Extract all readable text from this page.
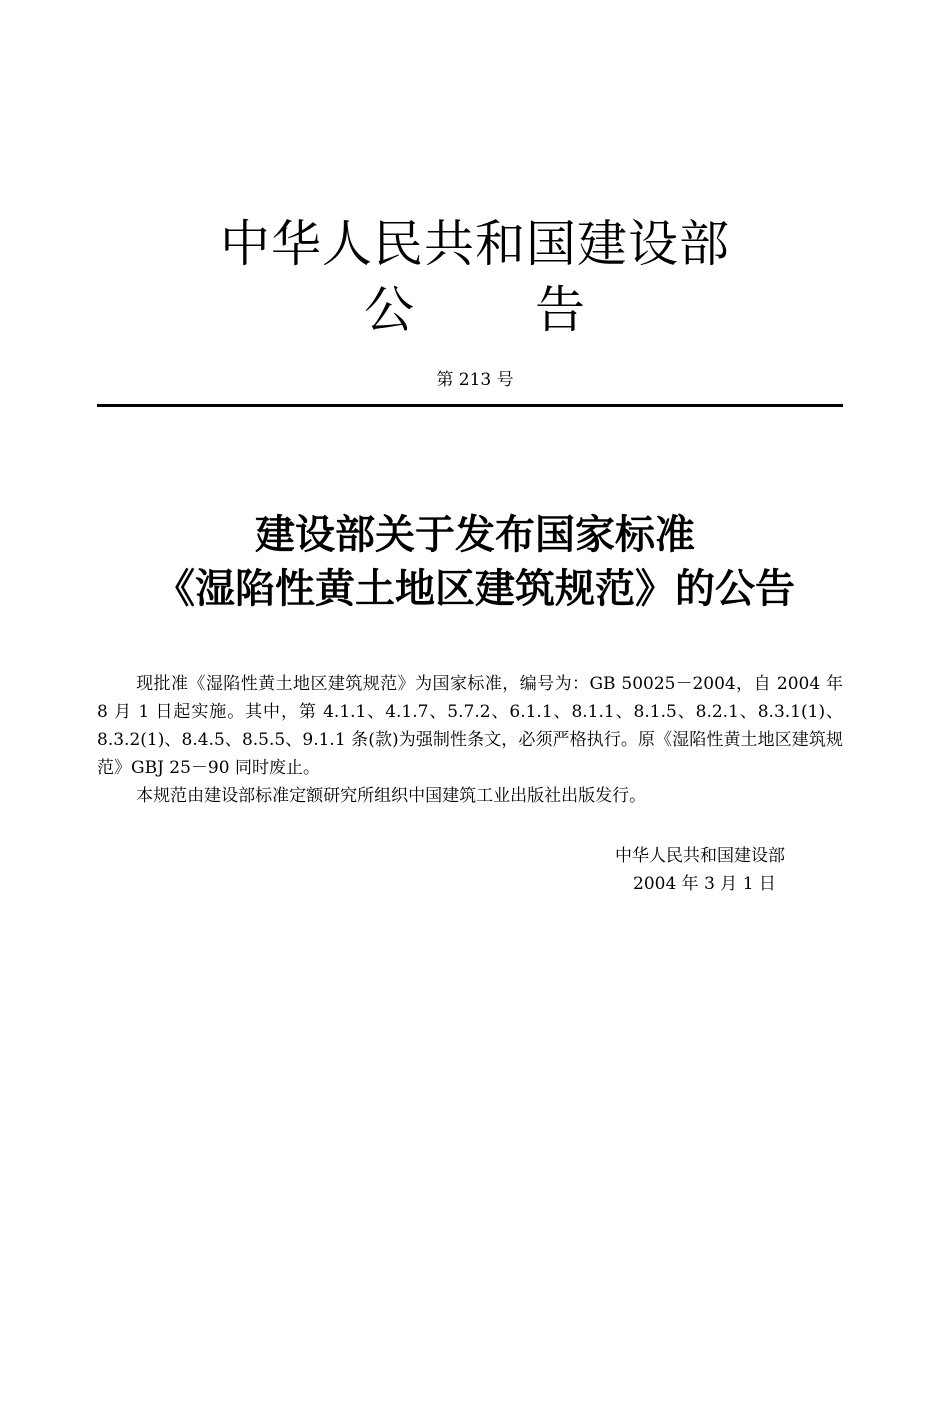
中华人民共和国建设部
公 告
第 213 号
建设部关于发布国家标准
《湿陷性黄土地区建筑规范》的公告

现批准《湿陷性黄土地区建筑规范》为国家标准，编号为：GB 50025－2004，自 2004 年 8 月 1 日起实施。其中，第 4.1.1、4.1.7、5.7.2、6.1.1、8.1.1、8.1.5、8.2.1、8.3.1(1)、8.3.2(1)、8.4.5、8.5.5、9.1.1 条(款)为强制性条文，必须严格执行。原《湿陷性黄土地区建筑规范》GBJ 25－90 同时废止。

本规范由建设部标准定额研究所组织中国建筑工业出版社出版发行。

中华人民共和国建设部
2004 年 3 月 1 日
